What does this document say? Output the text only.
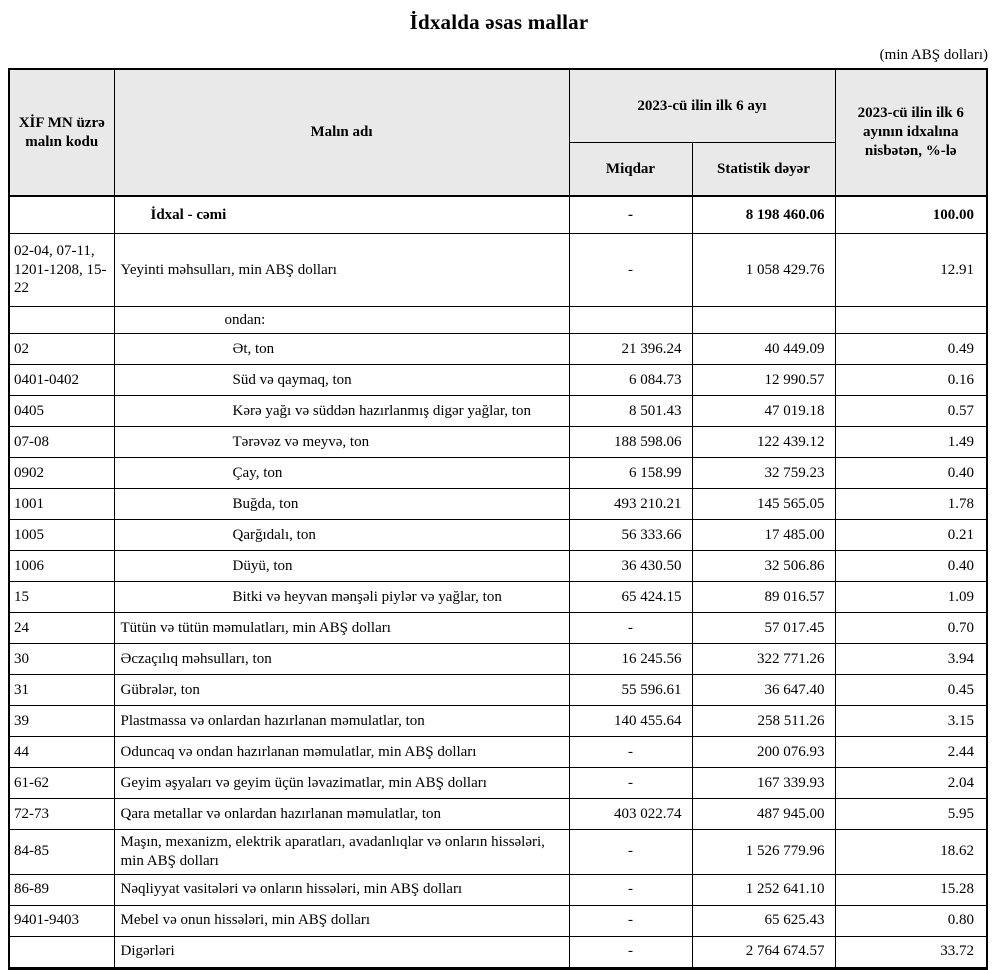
İdxalda əsas mallar
(min ABŞ dolları)
XİF MN üzrə malın kodu	Malın adı	2023-cü ilin ilk 6 ayı		2023-cü ilin ilk 6 ayının idxalına nisbətən, %-lə
		Miqdar	Statistik dəyər	
	İdxal - cəmi	-	8 198 460.06	100.00
02-04, 07-11, 1201-1208, 15-22	Yeyinti məhsulları, min ABŞ dolları	-	1 058 429.76	12.91
	ondan:			
02	Ət, ton	21 396.24	40 449.09	0.49
0401-0402	Süd və qaymaq, ton	6 084.73	12 990.57	0.16
0405	Kərə yağı və süddən hazırlanmış digər yağlar, ton	8 501.43	47 019.18	0.57
07-08	Tərəvəz və meyvə, ton	188 598.06	122 439.12	1.49
0902	Çay, ton	6 158.99	32 759.23	0.40
1001	Buğda, ton	493 210.21	145 565.05	1.78
1005	Qarğıdalı, ton	56 333.66	17 485.00	0.21
1006	Düyü, ton	36 430.50	32 506.86	0.40
15	Bitki və heyvan mənşəli piylər və yağlar, ton	65 424.15	89 016.57	1.09
24	Tütün və tütün məmulatları, min ABŞ dolları	-	57 017.45	0.70
30	Əczaçılıq məhsulları, ton	16 245.56	322 771.26	3.94
31	Gübrələr, ton	55 596.61	36 647.40	0.45
39	Plastmassa və onlardan hazırlanan məmulatlar, ton	140 455.64	258 511.26	3.15
44	Oduncaq və ondan hazırlanan məmulatlar, min ABŞ dolları	-	200 076.93	2.44
61-62	Geyim əşyaları və geyim üçün ləvazimatlar, min ABŞ dolları	-	167 339.93	2.04
72-73	Qara metallar və onlardan hazırlanan məmulatlar, ton	403 022.74	487 945.00	5.95
84-85	Maşın, mexanizm, elektrik aparatları, avadanlıqlar və onların hissələri, min ABŞ dolları	-	1 526 779.96	18.62
86-89	Nəqliyyat vasitələri və onların hissələri, min ABŞ dolları	-	1 252 641.10	15.28
9401-9403	Mebel və onun hissələri, min ABŞ dolları	-	65 625.43	0.80
	Digərləri	-	2 764 674.57	33.72
